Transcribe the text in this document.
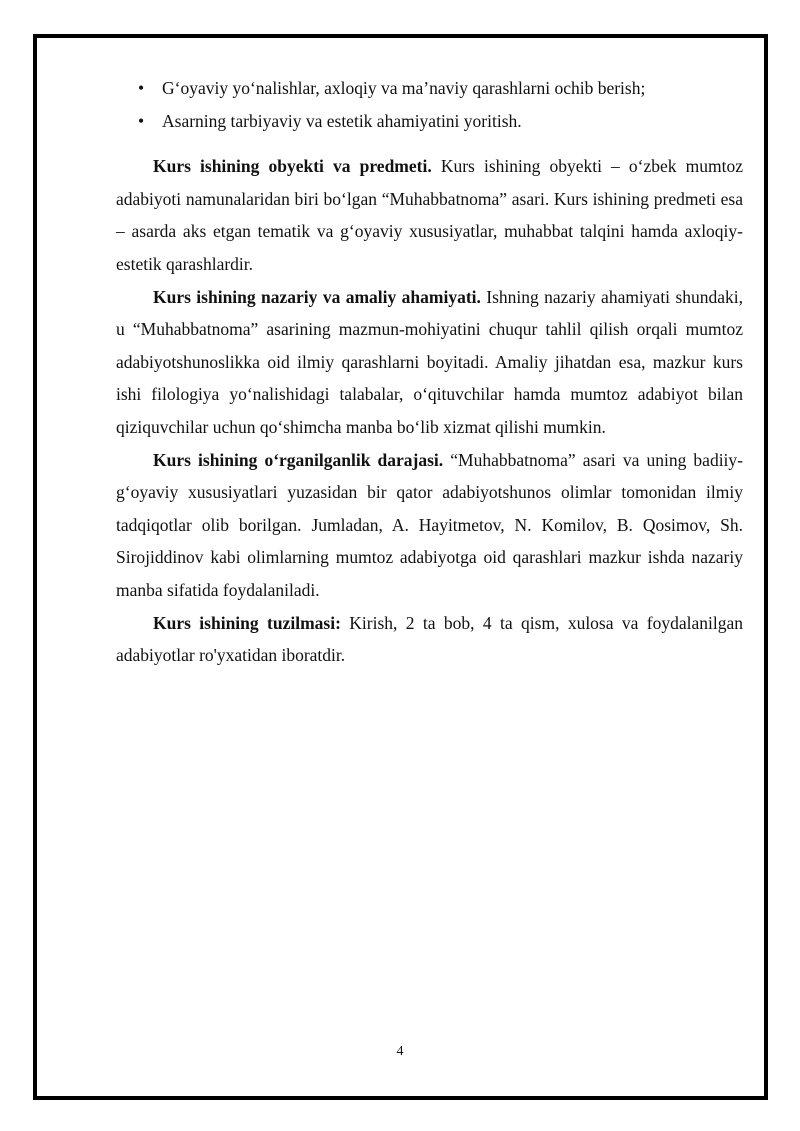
• G‘oyaviy yo‘nalishlar, axloqiy va ma’naviy qarashlarni ochib berish;
• Asarning tarbiyaviy va estetik ahamiyatini yoritish.

Kurs ishining obyekti va predmeti. Kurs ishining obyekti – o‘zbek mumtoz adabiyoti namunalaridan biri bo‘lgan “Muhabbatnoma” asari. Kurs ishining predmeti esa – asarda aks etgan tematik va g‘oyaviy xususiyatlar, muhabbat talqini hamda axloqiy-estetik qarashlardir.

Kurs ishining nazariy va amaliy ahamiyati. Ishning nazariy ahamiyati shundaki, u “Muhabbatnoma” asarining mazmun-mohiyatini chuqur tahlil qilish orqali mumtoz adabiyotshunoslikka oid ilmiy qarashlarni boyitadi. Amaliy jihatdan esa, mazkur kurs ishi filologiya yo‘nalishidagi talabalar, o‘qituvchilar hamda mumtoz adabiyot bilan qiziquvchilar uchun qo‘shimcha manba bo‘lib xizmat qilishi mumkin.

Kurs ishining o‘rganilganlik darajasi. “Muhabbatnoma” asari va uning badiiy-g‘oyaviy xususiyatlari yuzasidan bir qator adabiyotshunos olimlar tomonidan ilmiy tadqiqotlar olib borilgan. Jumladan, A. Hayitmetov, N. Komilov, B. Qosimov, Sh. Sirojiddinov kabi olimlarning mumtoz adabiyotga oid qarashlari mazkur ishda nazariy manba sifatida foydalaniladi.

Kurs ishining tuzilmasi: Kirish, 2 ta bob, 4 ta qism, xulosa va foydalanilgan adabiyotlar ro'yxatidan iboratdir.

4
